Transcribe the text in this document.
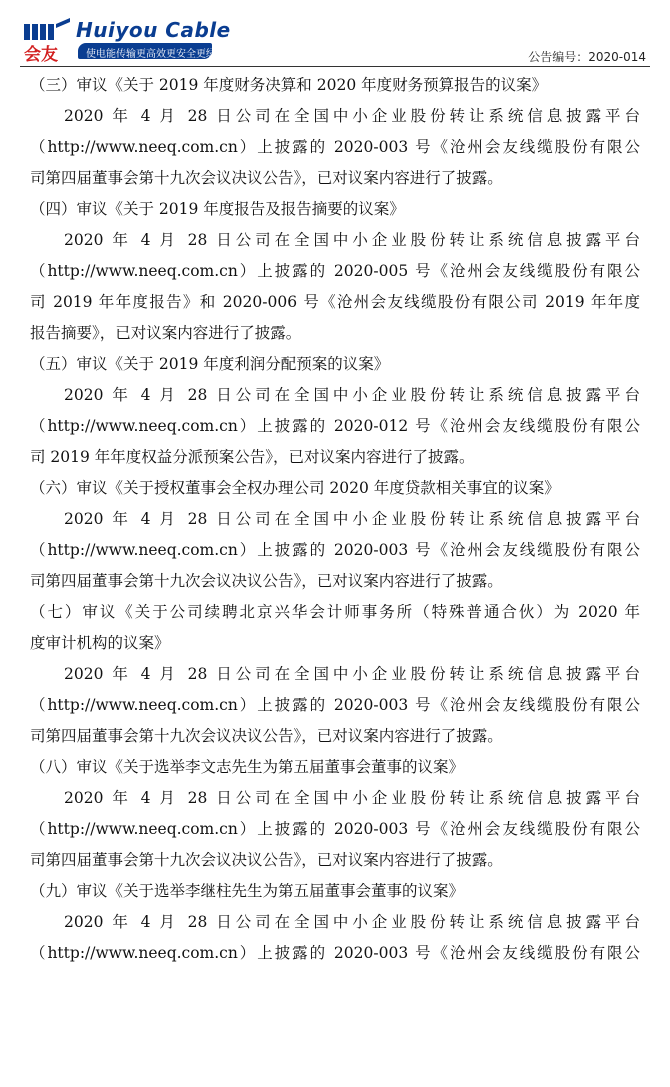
会友
Huiyou Cable
使电能传输更高效更安全更绿色	公告编号：2020-014

（三）审议《关于 2019 年度财务决算和 2020 年度财务预算报告的议案》

2020 年 4 月 28 日公司在全国中小企业股份转让系统信息披露平台

（http://www.neeq.com.cn）上披露的 2020-003 号《沧州会友线缆股份有限公

司第四届董事会第十九次会议决议公告》，已对议案内容进行了披露。

（四）审议《关于 2019 年度报告及报告摘要的议案》

2020 年 4 月 28 日公司在全国中小企业股份转让系统信息披露平台

（http://www.neeq.com.cn）上披露的 2020-005 号《沧州会友线缆股份有限公

司 2019 年年度报告》和 2020-006 号《沧州会友线缆股份有限公司 2019 年年度

报告摘要》，已对议案内容进行了披露。

（五）审议《关于 2019 年度利润分配预案的议案》

2020 年 4 月 28 日公司在全国中小企业股份转让系统信息披露平台

（http://www.neeq.com.cn）上披露的 2020-012 号《沧州会友线缆股份有限公

司 2019 年年度权益分派预案公告》，已对议案内容进行了披露。

（六）审议《关于授权董事会全权办理公司 2020 年度贷款相关事宜的议案》

2020 年 4 月 28 日公司在全国中小企业股份转让系统信息披露平台

（http://www.neeq.com.cn）上披露的 2020-003 号《沧州会友线缆股份有限公

司第四届董事会第十九次会议决议公告》，已对议案内容进行了披露。

（七）审议《关于公司续聘北京兴华会计师事务所（特殊普通合伙）为 2020 年

度审计机构的议案》

2020 年 4 月 28 日公司在全国中小企业股份转让系统信息披露平台

（http://www.neeq.com.cn）上披露的 2020-003 号《沧州会友线缆股份有限公

司第四届董事会第十九次会议决议公告》，已对议案内容进行了披露。

（八）审议《关于选举李文志先生为第五届董事会董事的议案》

2020 年 4 月 28 日公司在全国中小企业股份转让系统信息披露平台

（http://www.neeq.com.cn）上披露的 2020-003 号《沧州会友线缆股份有限公

司第四届董事会第十九次会议决议公告》，已对议案内容进行了披露。

（九）审议《关于选举李继柱先生为第五届董事会董事的议案》

2020 年 4 月 28 日公司在全国中小企业股份转让系统信息披露平台

（http://www.neeq.com.cn）上披露的 2020-003 号《沧州会友线缆股份有限公
